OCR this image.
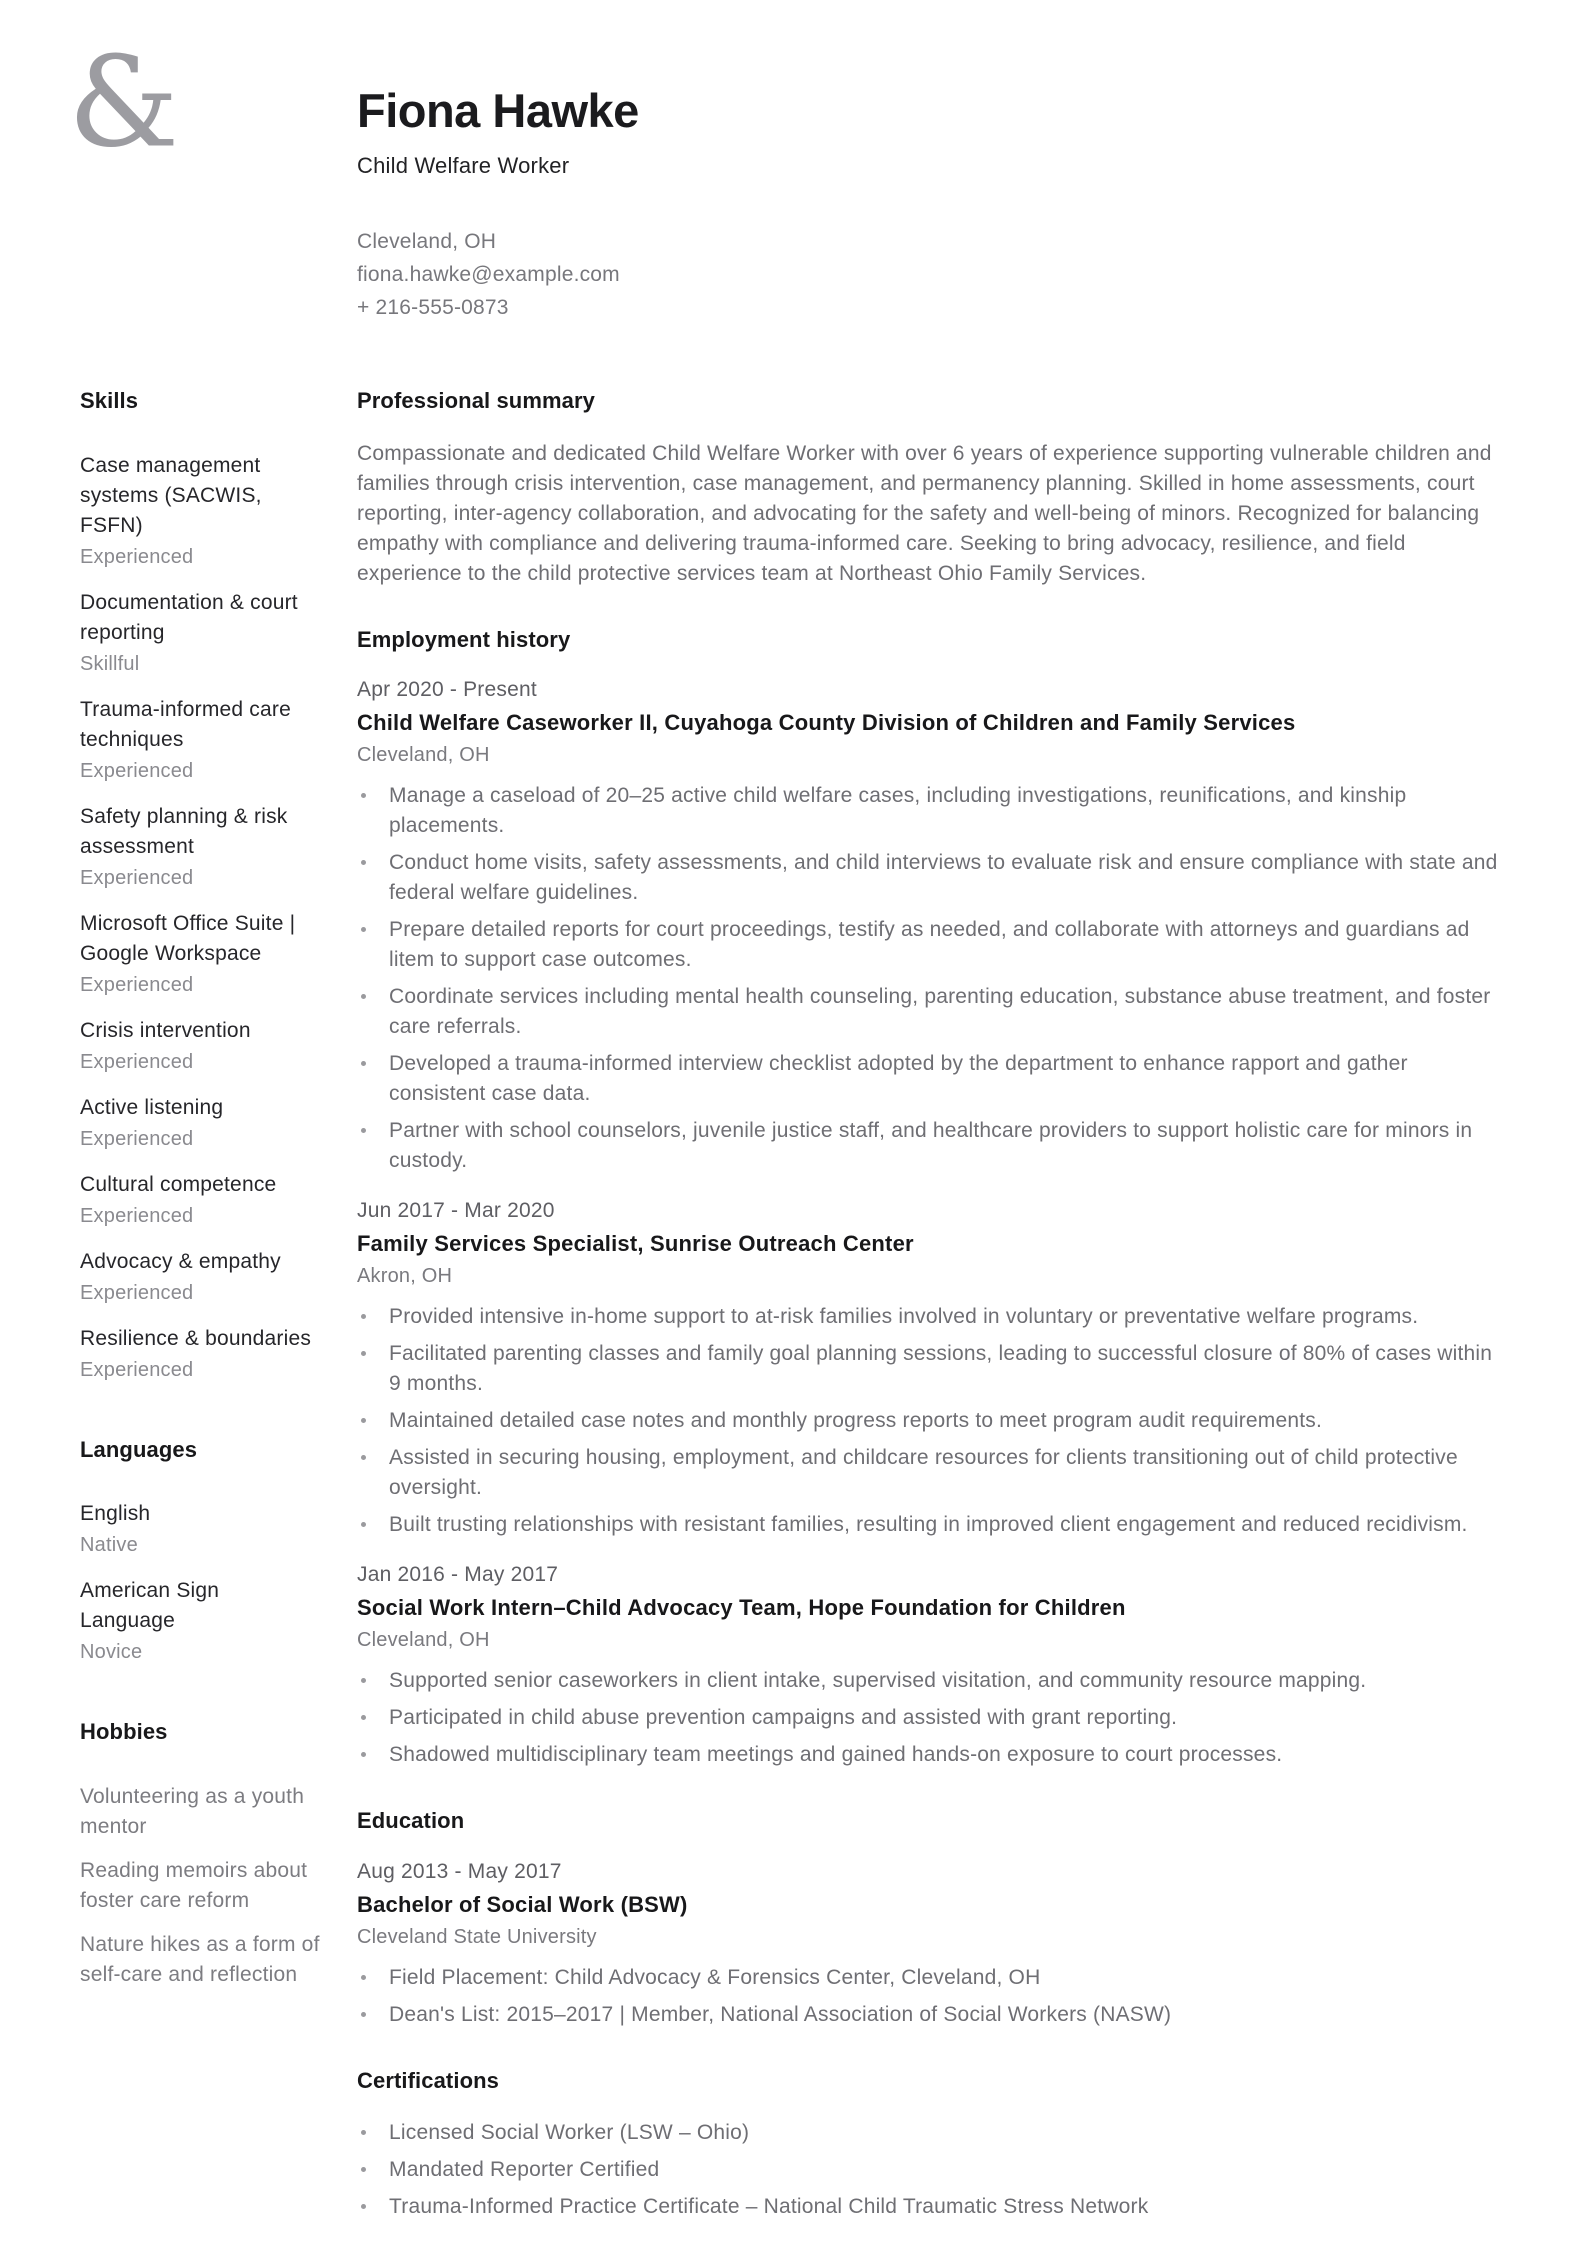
&	Fiona Hawke
Child Welfare Worker
Cleveland, OH
fiona.hawke@example.com
+ 216-555-0873
Skills
Case management systems (SACWIS, FSFN)
Experienced
Documentation & court reporting
Skillful
Trauma-informed care techniques
Experienced
Safety planning & risk assessment
Experienced
Microsoft Office Suite | Google Workspace
Experienced
Crisis intervention
Experienced
Active listening
Experienced
Cultural competence
Experienced
Advocacy & empathy
Experienced
Resilience & boundaries
Experienced
Languages
English
Native
American Sign Language
Novice
Hobbies
Volunteering as a youth mentor
Reading memoirs about foster care reform
Nature hikes as a form of self-care and reflection
Professional summary

Compassionate and dedicated Child Welfare Worker with over 6 years of experience supporting vulnerable children and families through crisis intervention, case management, and permanency planning. Skilled in home assessments, court reporting, inter-agency collaboration, and advocating for the safety and well-being of minors. Recognized for balancing empathy with compliance and delivering trauma-informed care. Seeking to bring advocacy, resilience, and field experience to the child protective services team at Northeast Ohio Family Services.

Employment history
Apr 2020 - Present
Child Welfare Caseworker II, Cuyahoga County Division of Children and Family Services
Cleveland, OH
Manage a caseload of 20–25 active child welfare cases, including investigations, reunifications, and kinship placements.
Conduct home visits, safety assessments, and child interviews to evaluate risk and ensure compliance with state and federal welfare guidelines.
Prepare detailed reports for court proceedings, testify as needed, and collaborate with attorneys and guardians ad litem to support case outcomes.
Coordinate services including mental health counseling, parenting education, substance abuse treatment, and foster care referrals.
Developed a trauma-informed interview checklist adopted by the department to enhance rapport and gather consistent case data.
Partner with school counselors, juvenile justice staff, and healthcare providers to support holistic care for minors in custody.
Jun 2017 - Mar 2020
Family Services Specialist, Sunrise Outreach Center
Akron, OH
Provided intensive in-home support to at-risk families involved in voluntary or preventative welfare programs.
Facilitated parenting classes and family goal planning sessions, leading to successful closure of 80% of cases within 9 months.
Maintained detailed case notes and monthly progress reports to meet program audit requirements.
Assisted in securing housing, employment, and childcare resources for clients transitioning out of child protective oversight.
Built trusting relationships with resistant families, resulting in improved client engagement and reduced recidivism.
Jan 2016 - May 2017
Social Work Intern–Child Advocacy Team, Hope Foundation for Children
Cleveland, OH
Supported senior caseworkers in client intake, supervised visitation, and community resource mapping.
Participated in child abuse prevention campaigns and assisted with grant reporting.
Shadowed multidisciplinary team meetings and gained hands-on exposure to court processes.
Education
Aug 2013 - May 2017
Bachelor of Social Work (BSW)
Cleveland State University
Field Placement: Child Advocacy & Forensics Center, Cleveland, OH
Dean's List: 2015–2017 | Member, National Association of Social Workers (NASW)
Certifications
Licensed Social Worker (LSW – Ohio)
Mandated Reporter Certified
Trauma-Informed Practice Certificate – National Child Traumatic Stress Network
